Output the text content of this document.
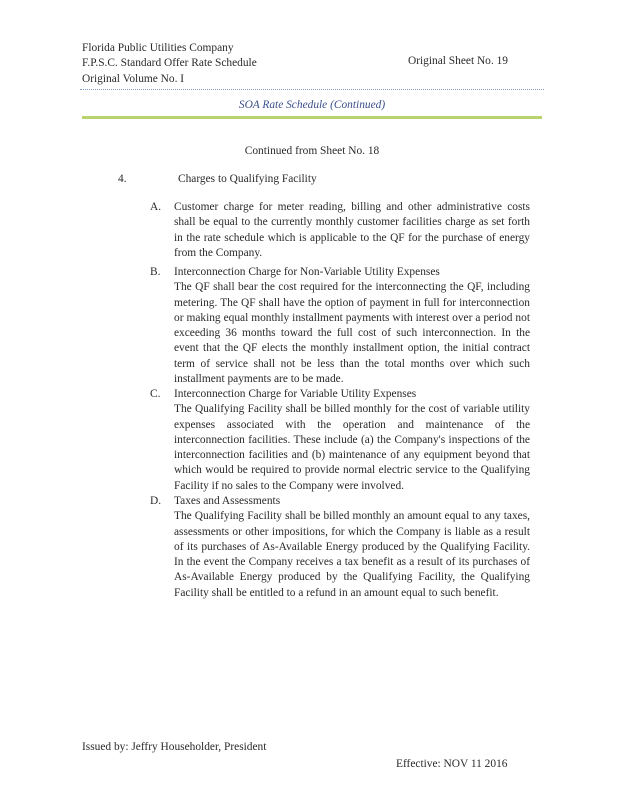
Florida Public Utilities Company
F.P.S.C. Standard Offer Rate Schedule
Original Volume No. I
Original Sheet No. 19
SOA Rate Schedule (Continued)
Continued from Sheet No. 18
4.	Charges to Qualifying Facility
A. Customer charge for meter reading, billing and other administrative costs shall be equal to the currently monthly customer facilities charge as set forth in the rate schedule which is applicable to the QF for the purchase of energy from the Company.
B. Interconnection Charge for Non-Variable Utility Expenses
The QF shall bear the cost required for the interconnecting the QF, including metering. The QF shall have the option of payment in full for interconnection or making equal monthly installment payments with interest over a period not exceeding 36 months toward the full cost of such interconnection. In the event that the QF elects the monthly installment option, the initial contract term of service shall not be less than the total months over which such installment payments are to be made.
C. Interconnection Charge for Variable Utility Expenses
The Qualifying Facility shall be billed monthly for the cost of variable utility expenses associated with the operation and maintenance of the interconnection facilities. These include (a) the Company's inspections of the interconnection facilities and (b) maintenance of any equipment beyond that which would be required to provide normal electric service to the Qualifying Facility if no sales to the Company were involved.
D. Taxes and Assessments
The Qualifying Facility shall be billed monthly an amount equal to any taxes, assessments or other impositions, for which the Company is liable as a result of its purchases of As-Available Energy produced by the Qualifying Facility. In the event the Company receives a tax benefit as a result of its purchases of As-Available Energy produced by the Qualifying Facility, the Qualifying Facility shall be entitled to a refund in an amount equal to such benefit.
Issued by: Jeffry Householder, President
Effective: NOV 11 2016
